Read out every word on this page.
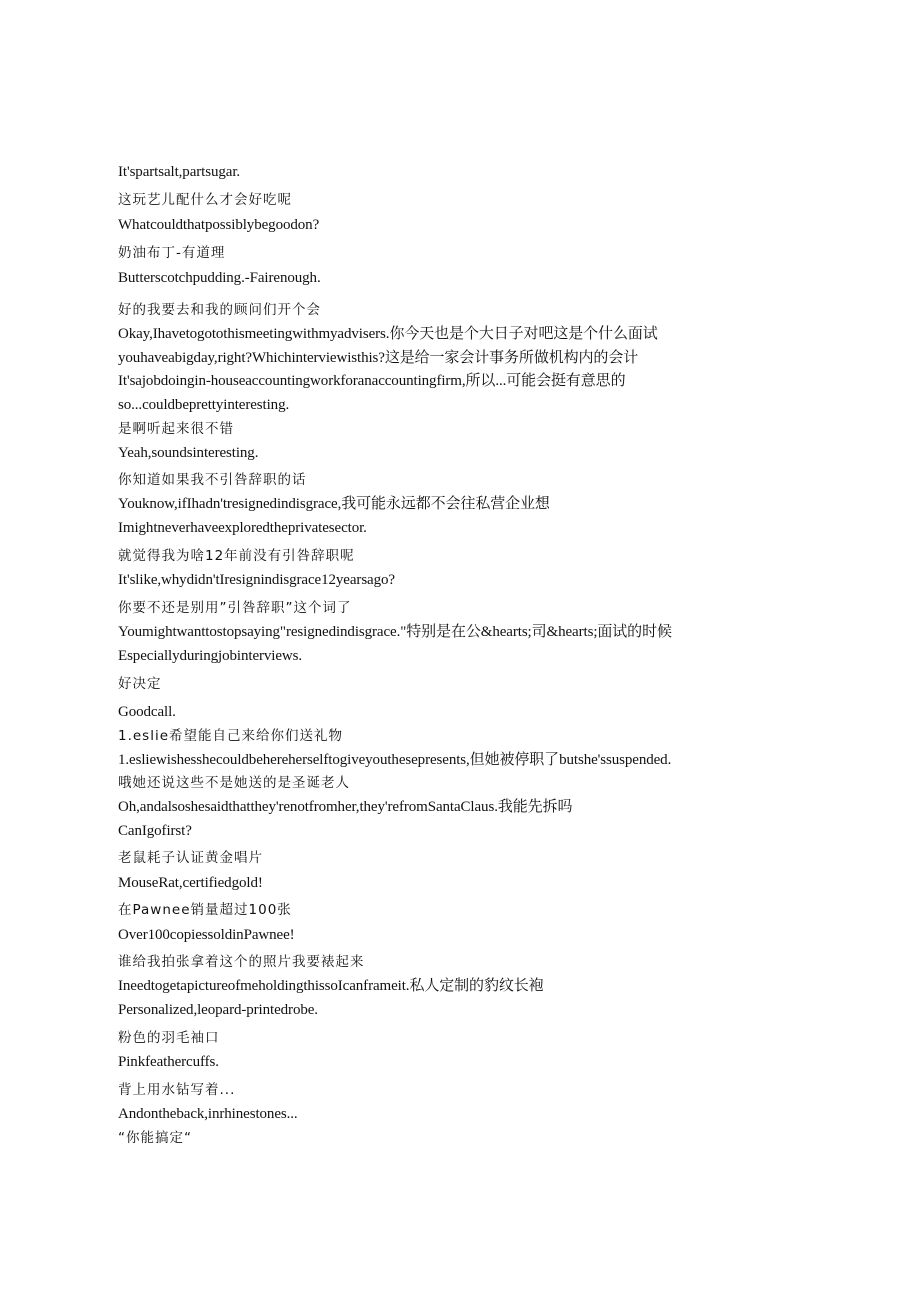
It'spartsalt,partsugar.
这玩艺儿配什么才会好吃呢
Whatcouldthatpossiblybegoodon?
奶油布丁-有道理
Butterscotchpudding.-Fairenough.
好的我要去和我的顾问们开个会
Okay,Ihavetogotothismeetingwithmyadvisers.你今天也是个大日子对吧这是个什么面试
youhaveabigday,right?Whichinterviewisthis?这是给一家会计事务所做机构内的会计
It'sajobdoingin-houseaccountingworkforanaccountingfirm,所以...可能会挺有意思的
so...couldbeprettyinteresting.
是啊听起来很不错
Yeah,soundsinteresting.
你知道如果我不引咎辞职的话
Youknow,ifIhadn'tresignedindisgrace,我可能永远都不会往私营企业想
Imightneverhaveexploredtheprivatesector.
就觉得我为啥12年前没有引咎辞职呢
It'slike,whydidn'tIresignindisgrace12yearsago?
你要不还是别用”引咎辞职”这个词了
Youmightwanttostopsaying"resignedindisgrace."特别是在公&hearts;司&hearts;面试的时候
Especiallyduringjobinterviews.
好决定
Goodcall.
1.eslie希望能自己来给你们送礼物
1.esliewishesshecouldbehereherselftogiveyouthesepresents,但她被停职了butshe'ssuspended.
哦她还说这些不是她送的是圣诞老人
Oh,andalsoshesaidthatthey'renotfromher,they'refromSantaClaus.我能先拆吗
CanIgofirst?
老鼠耗子认证黄金唱片
MouseRat,certifiedgold!
在Pawnee销量超过100张
Over100copiessoldinPawnee!
谁给我拍张拿着这个的照片我要裱起来
IneedtogetapictureofmeholdingthissoIcanframeit.私人定制的豹纹长袍
Personalized,leopard-printedrobe.
粉色的羽毛袖口
Pinkfeathercuffs.
背上用水钻写着...
Andontheback,inrhinestones...
“你能搞定“
